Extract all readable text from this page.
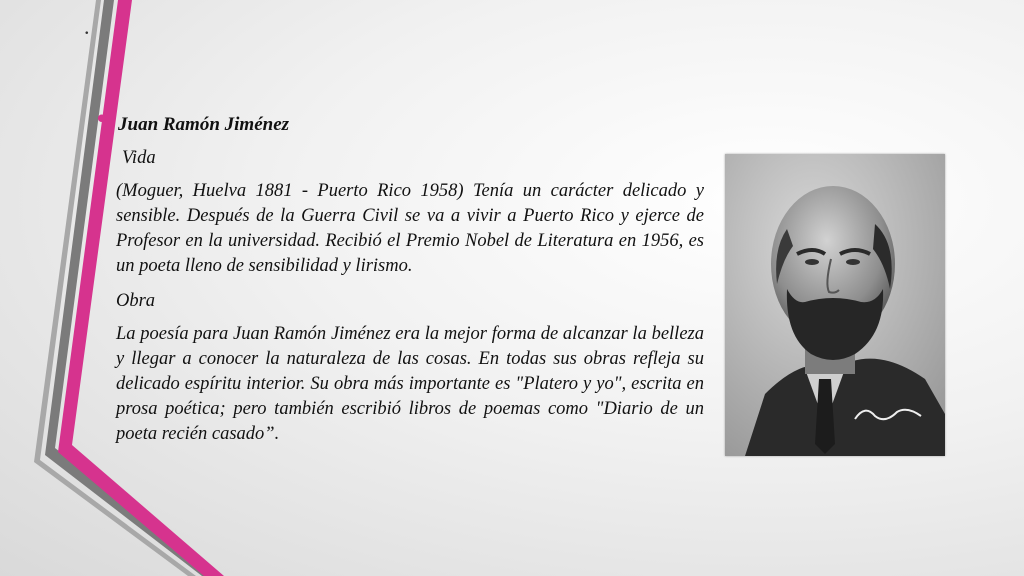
.

• Juan Ramón Jiménez

Vida

(Moguer, Huelva 1881 - Puerto Rico 1958) Tenía un carácter delicado y sensible. Después de la Guerra Civil se va a vivir a Puerto Rico y ejerce de Profesor en la universidad. Recibió el Premio Nobel de Literatura en 1956, es un poeta lleno de sensibilidad y lirismo.

Obra

La poesía para Juan Ramón Jiménez era la mejor forma de alcanzar la belleza y llegar a conocer la naturaleza de las cosas. En todas sus obras refleja su delicado espíritu interior. Su obra más importante es "Platero y yo", escrita en prosa poética; pero también escribió libros de poemas como "Diario de un poeta recién casado”.
